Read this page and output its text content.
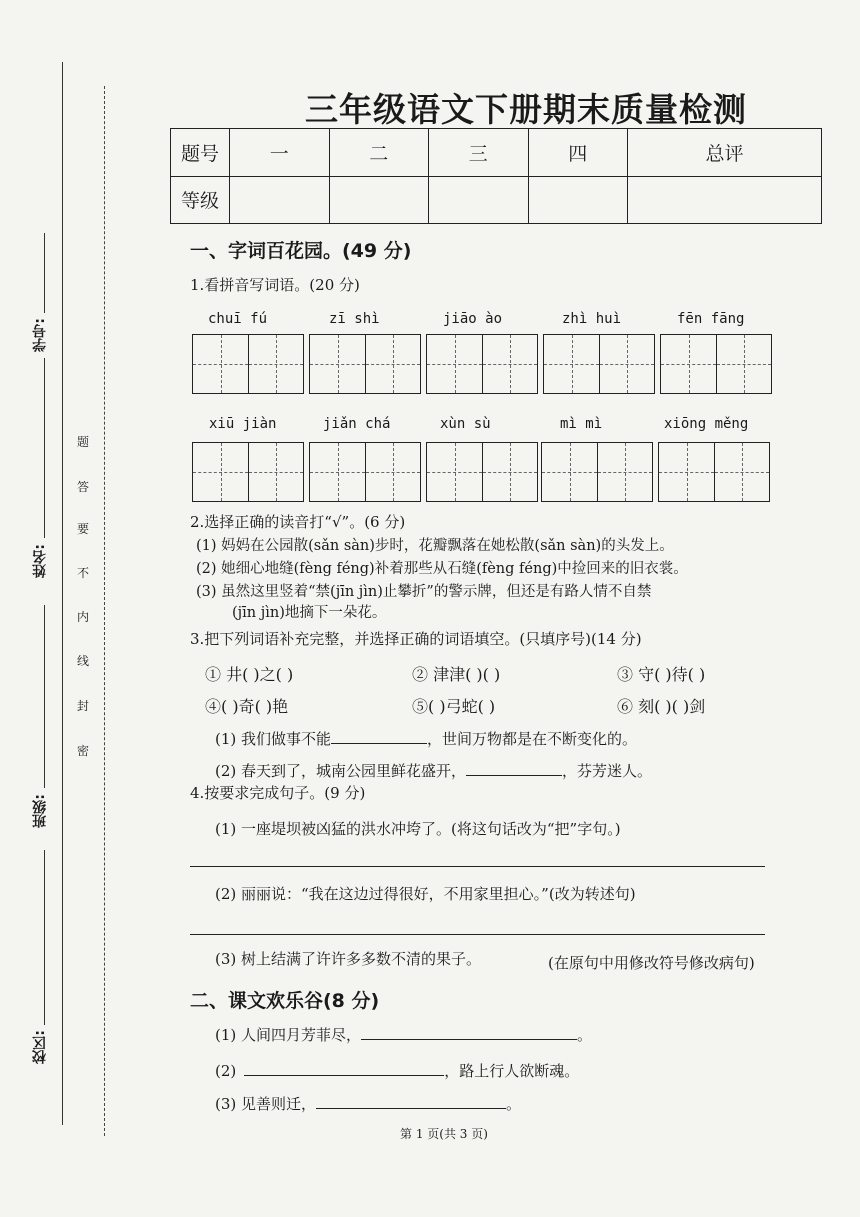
学号:
姓名:
班级:
校区:
密
封
线
内
不
要
答
题
三年级语文下册期末质量检测
题号	一	二	三	四	总评
等级					
一、字词百花园。(49 分)
1.看拼音写词语。(20 分)
chuī fú	zī shì	jiāo ào	zhì huì	fēn fāng
xiū jiàn	jiǎn chá	xùn sù	mì mì	xiōng měng
2.选择正确的读音打“√”。(6 分)
(1) 妈妈在公园散(sǎn sàn)步时，花瓣飘落在她松散(sǎn sàn)的头发上。
(2) 她细心地缝(fèng féng)补着那些从石缝(fèng féng)中捡回来的旧衣裳。
(3) 虽然这里竖着“禁(jīn jìn)止攀折”的警示牌，但还是有路人情不自禁
(jīn jìn)地摘下一朵花。
3.把下列词语补充完整，并选择正确的词语填空。(只填序号)(14 分)
① 井( )之( )	② 津津( )( )	③ 守( )待( )
④( )奇( )艳	⑤( )弓蛇( )	⑥ 刻( )( )剑
(1) 我们做事不能	，世间万物都是在不断变化的。
(2) 春天到了，城南公园里鲜花盛开，	，芬芳迷人。
4.按要求完成句子。(9 分)
(1) 一座堤坝被凶猛的洪水冲垮了。(将这句话改为“把”字句。)
(2) 丽丽说：“我在这边过得很好，不用家里担心。”(改为转述句)
(3) 树上结满了许许多多数不清的果子。	(在原句中用修改符号修改病句)
二、课文欢乐谷(8 分)
(1) 人间四月芳菲尽，	。
(2)	，路上行人欲断魂。
(3) 见善则迁，	。
第 1 页(共 3 页)
